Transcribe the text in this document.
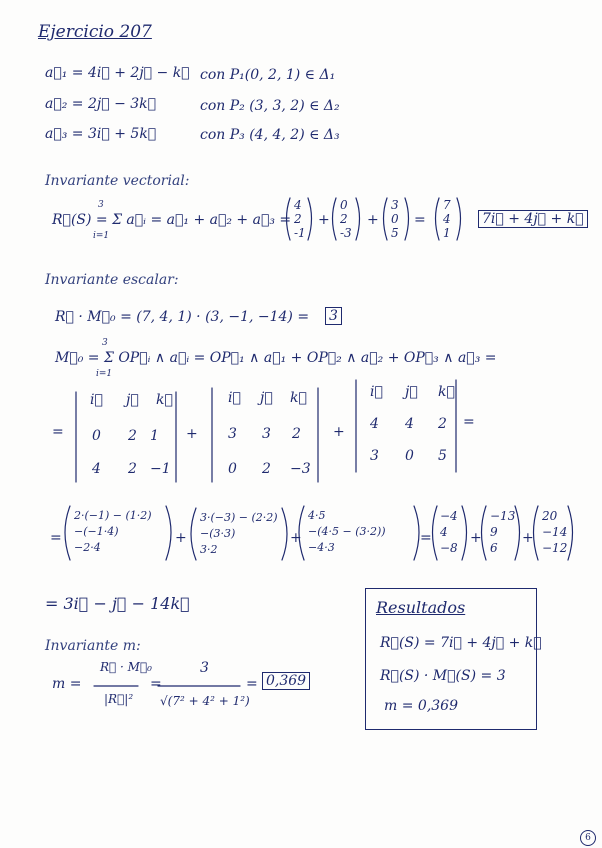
Ejercicio 207
a⃗₁ = 4i⃗ + 2j⃗ − k⃗ con P₁(0, 2, 1) ∈ Δ₁
a⃗₂ = 2j⃗ − 3k⃗	con P₂ (3, 3, 2) ∈ Δ₂
a⃗₃ = 3i⃗ + 5k⃗	con P₃ (4, 4, 2) ∈ Δ₃
Invariante vectorial:
R⃗(S) = Σ a⃗ᵢ = a⃗₁ + a⃗₂ + a⃗₃ =
3
i=1
4
2
-1
+
0
2
-3
+
3
0
5
=
7
4
1
7i⃗ + 4j⃗ + k⃗
Invariante escalar:
R⃗ · M⃗₀ = (7, 4, 1) · (3, −1, −14) = 3
M⃗₀ = Σ OP⃗ᵢ ∧ a⃗ᵢ = OP⃗₁ ∧ a⃗₁ + OP⃗₂ ∧ a⃗₂ + OP⃗₃ ∧ a⃗₃ =
3
i=1
=
i⃗ j⃗ k⃗
0 2 1
4 2 −1
+
i⃗ j⃗ k⃗
3 3 2
0 2 −3
+
i⃗ j⃗ k⃗
4 4 2
3 0 5
=
=
2·(−1) − (1·2)
−(−1·4)
−2·4
+
3·(−3) − (2·2)
−(3·3)
3·2
+
4·5
−(4·5 − (3·2))
−4·3
=
−4
4
−8
+
−13
9
6
+
20
−14
−12
= 3i⃗ − j⃗ − 14k⃗
Invariante m:
m =
R⃗ · M⃗₀
|R⃗|²
=
3
√(7² + 4² + 1²)
= 0,369
Resultados
R⃗(S) = 7i⃗ + 4j⃗ + k⃗
R⃗(S) · M⃗(S) = 3
m = 0,369
6
